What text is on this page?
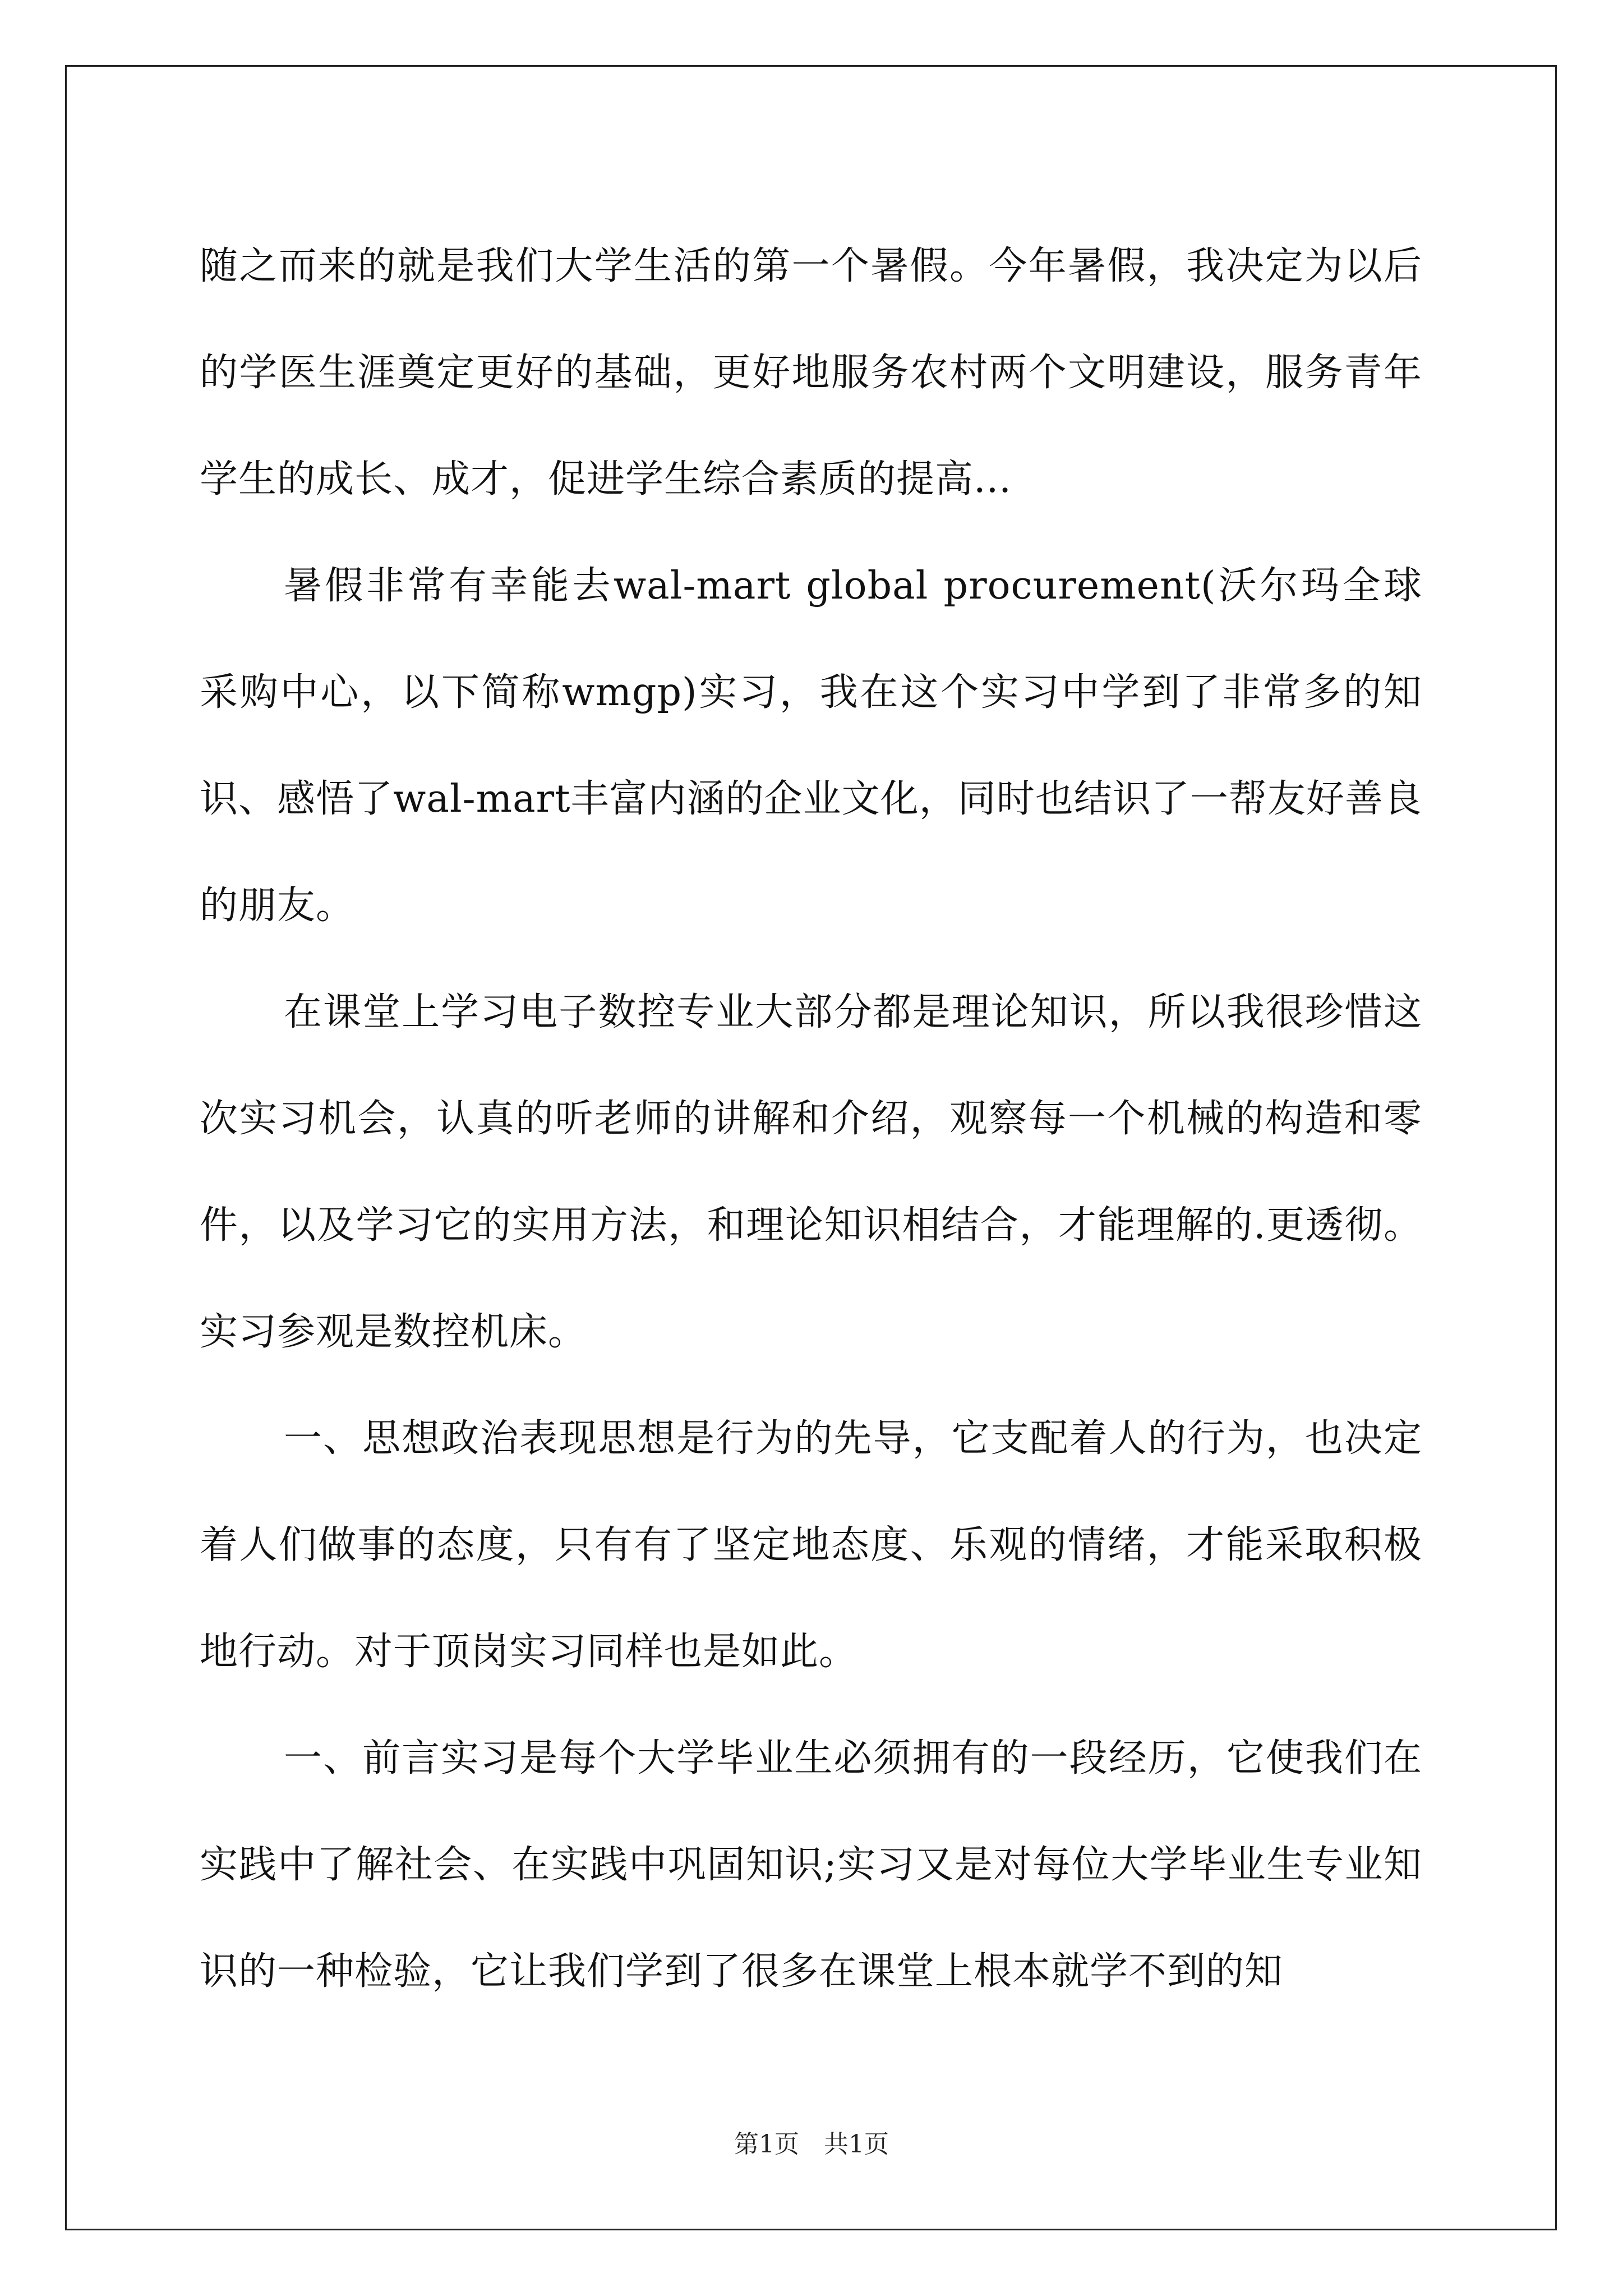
随之而来的就是我们大学生活的第一个暑假。今年暑假，我决定为以后的学医生涯奠定更好的基础，更好地服务农村两个文明建设，服务青年学生的成长、成才，促进学生综合素质的提高...

暑假非常有幸能去wal-mart global procurement(沃尔玛全球采购中心，以下简称wmgp)实习，我在这个实习中学到了非常多的知识、感悟了wal-mart丰富内涵的企业文化，同时也结识了一帮友好善良的朋友。

在课堂上学习电子数控专业大部分都是理论知识，所以我很珍惜这次实习机会，认真的听老师的讲解和介绍，观察每一个机械的构造和零件，以及学习它的实用方法，和理论知识相结合，才能理解的.更透彻。实习参观是数控机床。

一、思想政治表现思想是行为的先导，它支配着人的行为，也决定着人们做事的态度，只有有了坚定地态度、乐观的情绪，才能采取积极地行动。对于顶岗实习同样也是如此。

一、前言实习是每个大学毕业生必须拥有的一段经历，它使我们在实践中了解社会、在实践中巩固知识;实习又是对每位大学毕业生专业知识的一种检验，它让我们学到了很多在课堂上根本就学不到的知

第1页　共1页
